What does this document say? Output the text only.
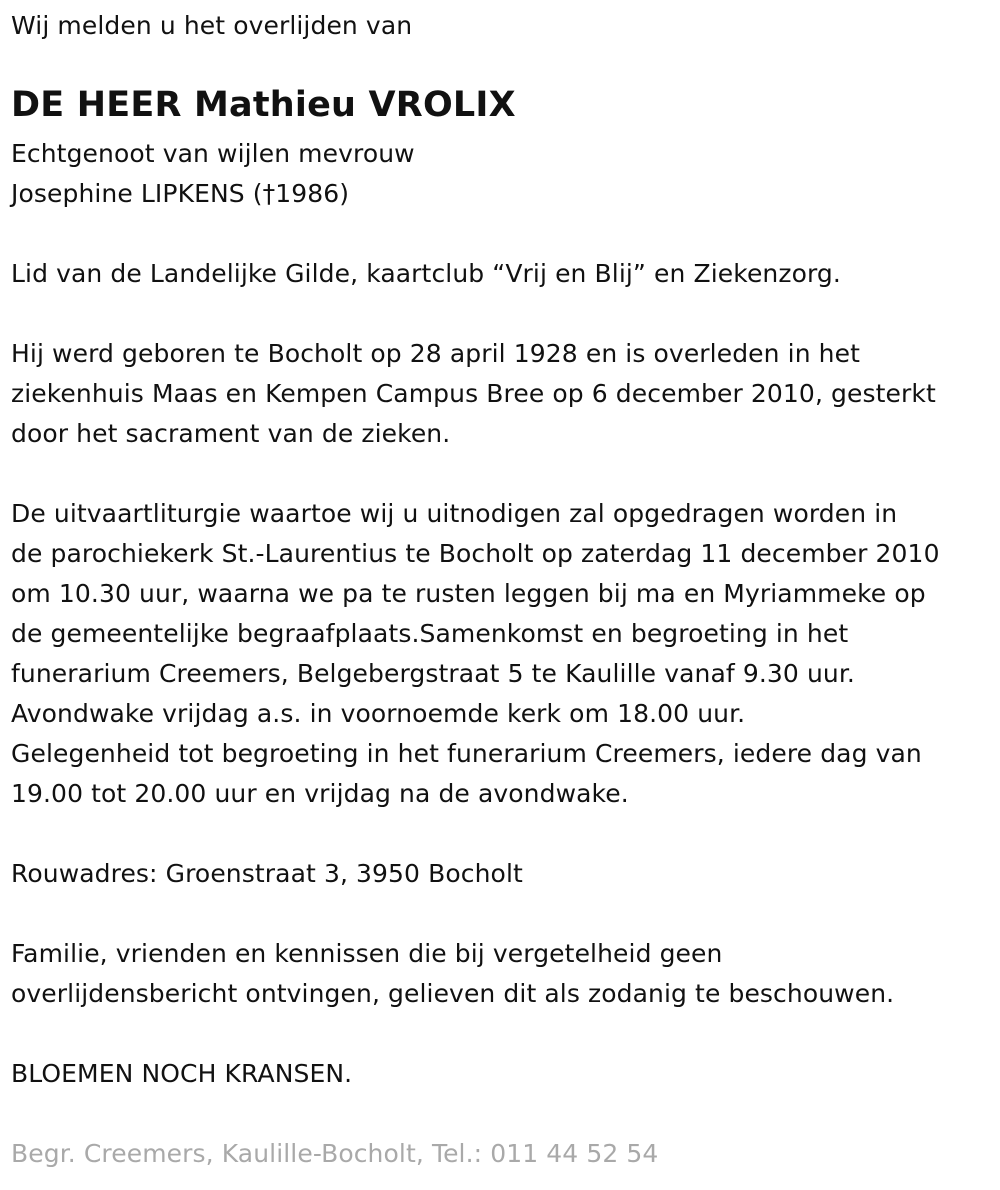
Wij melden u het overlijden van
DE HEER Mathieu VROLIX
Echtgenoot van wijlen mevrouw
Josephine LIPKENS (†1986)
Lid van de Landelijke Gilde, kaartclub “Vrij en Blij” en Ziekenzorg.
Hij werd geboren te Bocholt op 28 april 1928 en is overleden in het
ziekenhuis Maas en Kempen Campus Bree op 6 december 2010, gesterkt
door het sacrament van de zieken.
De uitvaartliturgie waartoe wij u uitnodigen zal opgedragen worden in
de parochiekerk St.-Laurentius te Bocholt op zaterdag 11 december 2010
om 10.30 uur, waarna we pa te rusten leggen bij ma en Myriammeke op
de gemeentelijke begraafplaats.Samenkomst en begroeting in het
funerarium Creemers, Belgebergstraat 5 te Kaulille vanaf 9.30 uur.
Avondwake vrijdag a.s. in voornoemde kerk om 18.00 uur.
Gelegenheid tot begroeting in het funerarium Creemers, iedere dag van
19.00 tot 20.00 uur en vrijdag na de avondwake.
Rouwadres: Groenstraat 3, 3950 Bocholt
Familie, vrienden en kennissen die bij vergetelheid geen
overlijdensbericht ontvingen, gelieven dit als zodanig te beschouwen.
BLOEMEN NOCH KRANSEN.
Begr. Creemers, Kaulille-Bocholt, Tel.: 011 44 52 54
